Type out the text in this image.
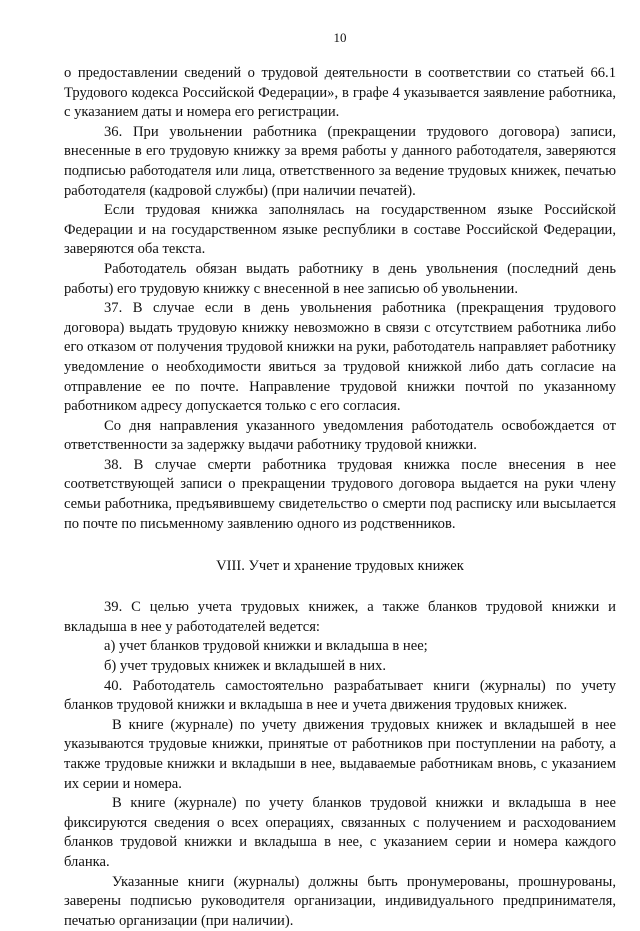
10

о предоставлении сведений о трудовой деятельности в соответствии со статьей 66.1 Трудового кодекса Российской Федерации», в графе 4 указывается заявление работника, с указанием даты и номера его регистрации.

36. При увольнении работника (прекращении трудового договора) записи, внесенные в его трудовую книжку за время работы у данного работодателя, заверяются подписью работодателя или лица, ответственного за ведение трудовых книжек, печатью работодателя (кадровой службы) (при наличии печатей).

Если трудовая книжка заполнялась на государственном языке Российской Федерации и на государственном языке республики в составе Российской Федерации, заверяются оба текста.

Работодатель обязан выдать работнику в день увольнения (последний день работы) его трудовую книжку с внесенной в нее записью об увольнении.

37. В случае если в день увольнения работника (прекращения трудового договора) выдать трудовую книжку невозможно в связи с отсутствием работника либо его отказом от получения трудовой книжки на руки, работодатель направляет работнику уведомление о необходимости явиться за трудовой книжкой либо дать согласие на отправление ее по почте. Направление трудовой книжки почтой по указанному работником адресу допускается только с его согласия.

Со дня направления указанного уведомления работодатель освобождается от ответственности за задержку выдачи работнику трудовой книжки.

38. В случае смерти работника трудовая книжка после внесения в нее соответствующей записи о прекращении трудового договора выдается на руки члену семьи работника, предъявившему свидетельство о смерти под расписку или высылается по почте по письменному заявлению одного из родственников.

VIII. Учет и хранение трудовых книжек

39. С целью учета трудовых книжек, а также бланков трудовой книжки и вкладыша в нее у работодателей ведется:

а) учет бланков трудовой книжки и вкладыша в нее;

б) учет трудовых книжек и вкладышей в них.

40. Работодатель самостоятельно разрабатывает книги (журналы) по учету бланков трудовой книжки и вкладыша в нее и учета движения трудовых книжек.

В книге (журнале) по учету движения трудовых книжек и вкладышей в нее указываются трудовые книжки, принятые от работников при поступлении на работу, а также трудовые книжки и вкладыши в нее, выдаваемые работникам вновь, с указанием их серии и номера.

В книге (журнале) по учету бланков трудовой книжки и вкладыша в нее фиксируются сведения о всех операциях, связанных с получением и расходованием бланков трудовой книжки и вкладыша в нее, с указанием серии и номера каждого бланка.

Указанные книги (журналы) должны быть пронумерованы, прошнурованы, заверены подписью руководителя организации, индивидуального предпринимателя, печатью организации (при наличии).
